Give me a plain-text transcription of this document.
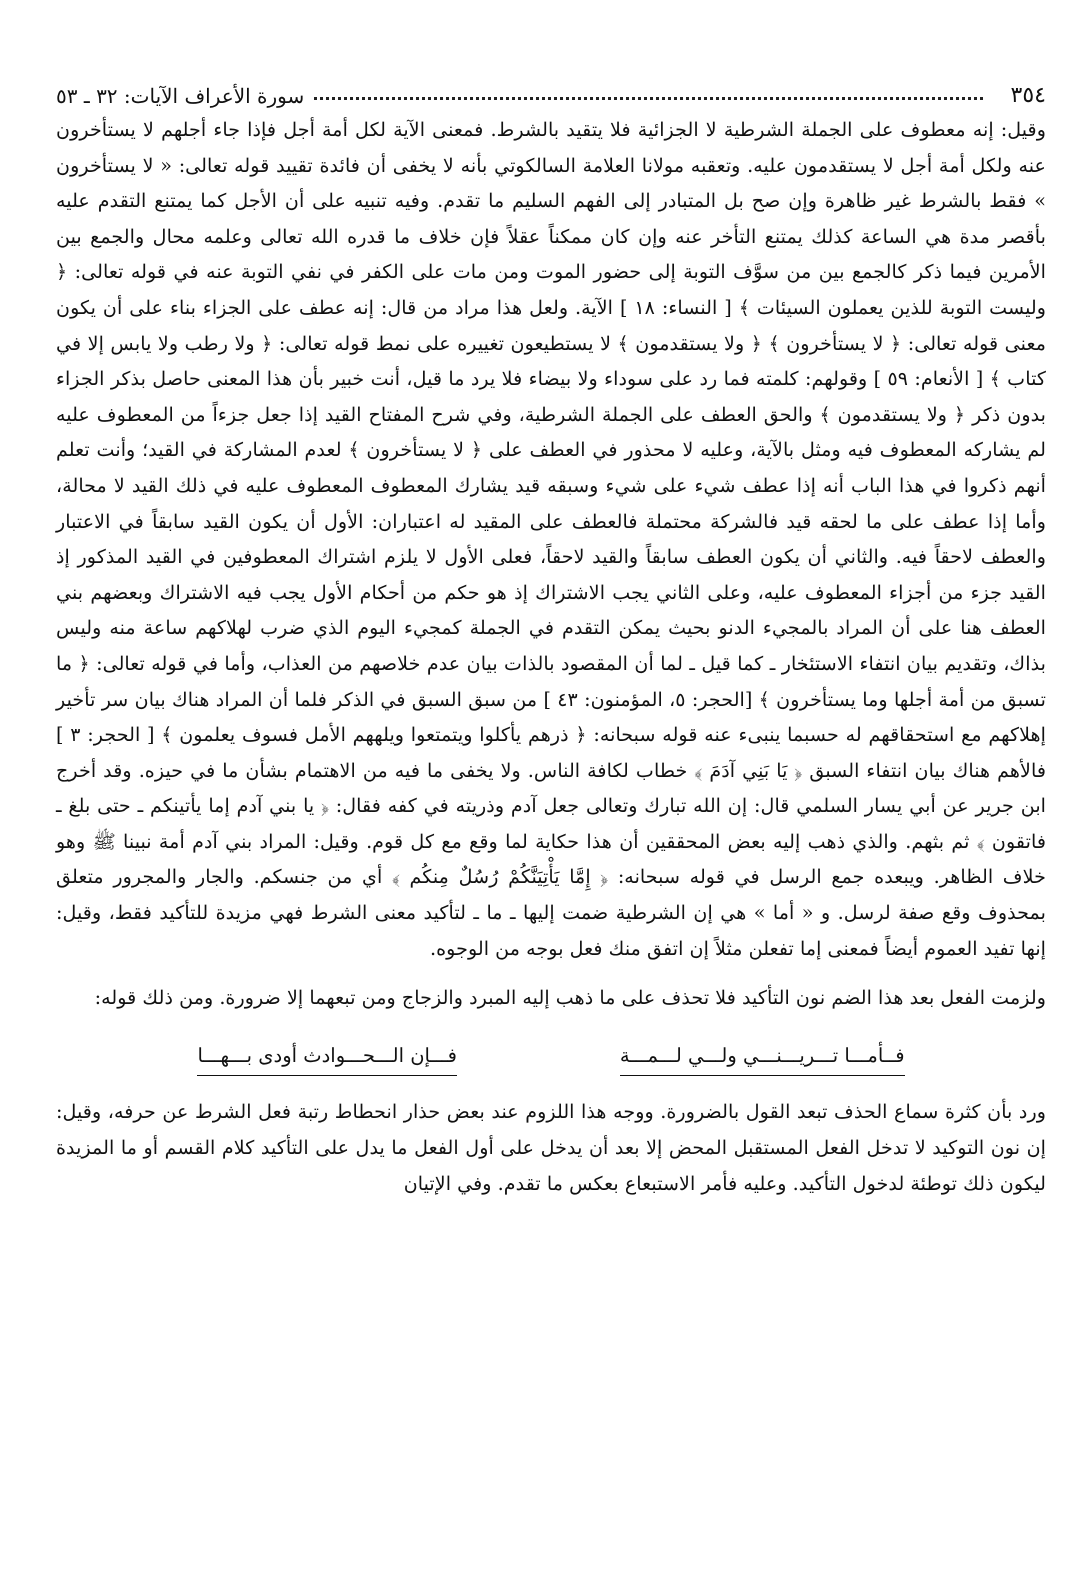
٣٥٤
سورة الأعراف الآيات: ٣٢ ـ ٥٣

وقيل: إنه معطوف على الجملة الشرطية لا الجزائية فلا يتقيد بالشرط. فمعنى الآية لكل أمة أجل فإذا جاء أجلهم لا يستأخرون عنه ولكل أمة أجل لا يستقدمون عليه. وتعقبه مولانا العلامة السالكوتي بأنه لا يخفى أن فائدة تقييد قوله تعالى: « لا يستأخرون » فقط بالشرط غير ظاهرة وإن صح بل المتبادر إلى الفهم السليم ما تقدم. وفيه تنبيه على أن الأجل كما يمتنع التقدم عليه بأقصر مدة هي الساعة كذلك يمتنع التأخر عنه وإن كان ممكناً عقلاً فإن خلاف ما قدره الله تعالى وعلمه محال والجمع بين الأمرين فيما ذكر كالجمع بين من سوَّف التوبة إلى حضور الموت ومن مات على الكفر في نفي التوبة عنه في قوله تعالى: ﴿ وليست التوبة للذين يعملون السيئات ﴾ [ النساء: ١٨ ] الآية. ولعل هذا مراد من قال: إنه عطف على الجزاء بناء على أن يكون معنى قوله تعالى: ﴿ لا يستأخرون ﴾ ﴿ ولا يستقدمون ﴾ لا يستطيعون تغييره على نمط قوله تعالى: ﴿ ولا رطب ولا يابس إلا في كتاب ﴾ [ الأنعام: ٥٩ ] وقولهم: كلمته فما رد على سوداء ولا بيضاء فلا يرد ما قيل، أنت خبير بأن هذا المعنى حاصل بذكر الجزاء بدون ذكر ﴿ ولا يستقدمون ﴾ والحق العطف على الجملة الشرطية، وفي شرح المفتاح القيد إذا جعل جزءاً من المعطوف عليه لم يشاركه المعطوف فيه ومثل بالآية، وعليه لا محذور في العطف على ﴿ لا يستأخرون ﴾ لعدم المشاركة في القيد؛ وأنت تعلم أنهم ذكروا في هذا الباب أنه إذا عطف شيء على شيء وسبقه قيد يشارك المعطوف المعطوف عليه في ذلك القيد لا محالة، وأما إذا عطف على ما لحقه قيد فالشركة محتملة فالعطف على المقيد له اعتباران: الأول أن يكون القيد سابقاً في الاعتبار والعطف لاحقاً فيه. والثاني أن يكون العطف سابقاً والقيد لاحقاً، فعلى الأول لا يلزم اشتراك المعطوفين في القيد المذكور إذ القيد جزء من أجزاء المعطوف عليه، وعلى الثاني يجب الاشتراك إذ هو حكم من أحكام الأول يجب فيه الاشتراك وبعضهم بني العطف هنا على أن المراد بالمجيء الدنو بحيث يمكن التقدم في الجملة كمجيء اليوم الذي ضرب لهلاكهم ساعة منه وليس بذاك، وتقديم بيان انتفاء الاستئخار ـ كما قيل ـ لما أن المقصود بالذات بيان عدم خلاصهم من العذاب، وأما في قوله تعالى: ﴿ ما تسبق من أمة أجلها وما يستأخرون ﴾ [الحجر: ٥، المؤمنون: ٤٣ ] من سبق السبق في الذكر فلما أن المراد هناك بيان سر تأخير إهلاكهم مع استحقاقهم له حسبما ينبىء عنه قوله سبحانه: ﴿ ذرهم يأكلوا ويتمتعوا ويلههم الأمل فسوف يعلمون ﴾ [ الحجر: ٣ ] فالأهم هناك بيان انتفاء السبق ﴿ يَا بَنِي آدَمَ ﴾ خطاب لكافة الناس. ولا يخفى ما فيه من الاهتمام بشأن ما في حيزه. وقد أخرج ابن جرير عن أبي يسار السلمي قال: إن الله تبارك وتعالى جعل آدم وذريته في كفه فقال: ﴿ يا بني آدم إما يأتينكم ـ حتى بلغ ـ فاتقون ﴾ ثم بثهم. والذي ذهب إليه بعض المحققين أن هذا حكاية لما وقع مع كل قوم. وقيل: المراد بني آدم أمة نبينا ﷺ وهو خلاف الظاهر. ويبعده جمع الرسل في قوله سبحانه: ﴿ إِمَّا يَأْتِيَنَّكُمْ رُسُلٌ مِنكُم ﴾ أي من جنسكم. والجار والمجرور متعلق بمحذوف وقع صفة لرسل. و « أما » هي إن الشرطية ضمت إليها ـ ما ـ لتأكيد معنى الشرط فهي مزيدة للتأكيد فقط، وقيل: إنها تفيد العموم أيضاً فمعنى إما تفعلن مثلاً إن اتفق منك فعل بوجه من الوجوه.

ولزمت الفعل بعد هذا الضم نون التأكيد فلا تحذف على ما ذهب إليه المبرد والزجاج ومن تبعهما إلا ضرورة. ومن ذلك قوله:

فــأمـــا تـــريـــنـــي ولـــي لـــمـــة
فـــإن الـــحـــوادث أودى بـــهـــا

ورد بأن كثرة سماع الحذف تبعد القول بالضرورة. ووجه هذا اللزوم عند بعض حذار انحطاط رتبة فعل الشرط عن حرفه، وقيل: إن نون التوكيد لا تدخل الفعل المستقبل المحض إلا بعد أن يدخل على أول الفعل ما يدل على التأكيد كلام القسم أو ما المزيدة ليكون ذلك توطئة لدخول التأكيد. وعليه فأمر الاستبعاع بعكس ما تقدم. وفي الإتيان
